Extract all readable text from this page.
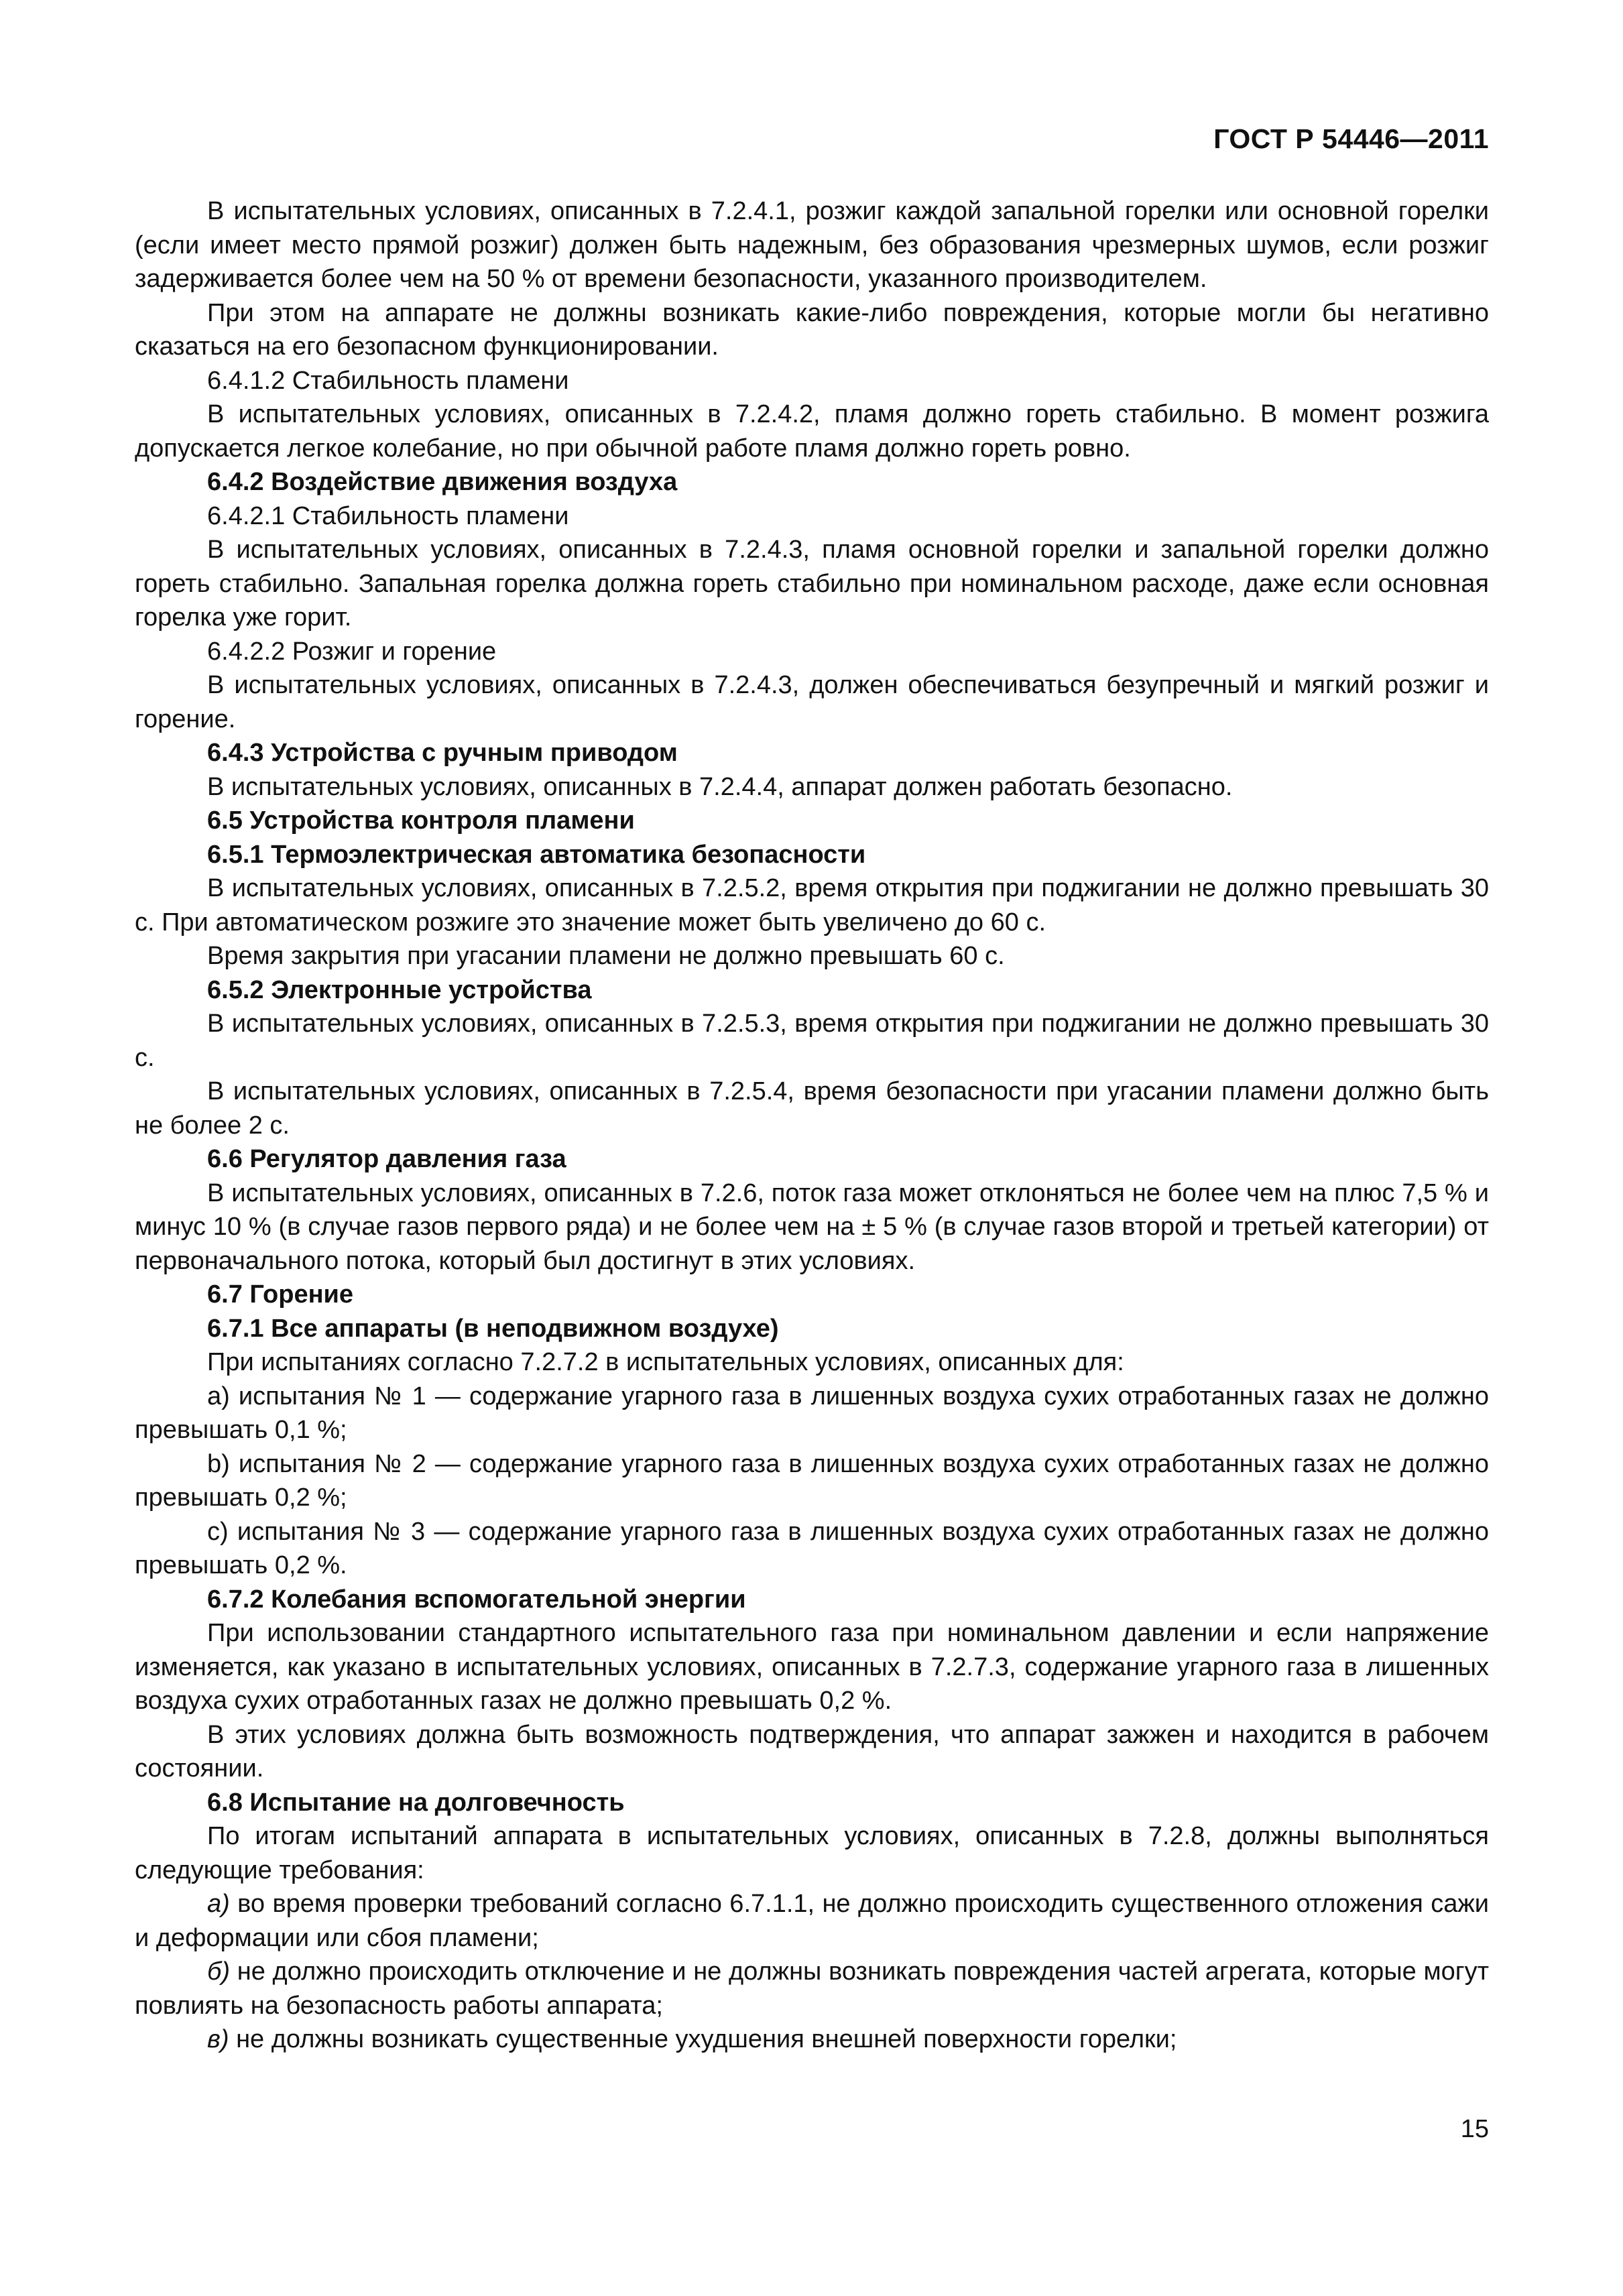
ГОСТ Р 54446—2011

В испытательных условиях, описанных в 7.2.4.1, розжиг каждой запальной горелки или основной горелки (если имеет место прямой розжиг) должен быть надежным, без образования чрезмерных шумов, если розжиг задерживается более чем на 50 % от времени безопасности, указанного производителем.

При этом на аппарате не должны возникать какие-либо повреждения, которые могли бы негативно сказаться на его безопасном функционировании.

6.4.1.2 Стабильность пламени

В испытательных условиях, описанных в 7.2.4.2, пламя должно гореть стабильно. В момент розжига допускается легкое колебание, но при обычной работе пламя должно гореть ровно.

6.4.2 Воздействие движения воздуха

6.4.2.1 Стабильность пламени

В испытательных условиях, описанных в 7.2.4.3, пламя основной горелки и запальной горелки должно гореть стабильно. Запальная горелка должна гореть стабильно при номинальном расходе, даже если основная горелка уже горит.

6.4.2.2 Розжиг и горение

В испытательных условиях, описанных в 7.2.4.3, должен обеспечиваться безупречный и мягкий розжиг и горение.

6.4.3 Устройства с ручным приводом

В испытательных условиях, описанных в 7.2.4.4, аппарат должен работать безопасно.

6.5 Устройства контроля пламени

6.5.1 Термоэлектрическая автоматика безопасности

В испытательных условиях, описанных в 7.2.5.2, время открытия при поджигании не должно превышать 30 с. При автоматическом розжиге это значение может быть увеличено до 60 с.

Время закрытия при угасании пламени не должно превышать 60 с.

6.5.2 Электронные устройства

В испытательных условиях, описанных в 7.2.5.3, время открытия при поджигании не должно превышать 30 с.

В испытательных условиях, описанных в 7.2.5.4, время безопасности при угасании пламени должно быть не более 2 с.

6.6 Регулятор давления газа

В испытательных условиях, описанных в 7.2.6, поток газа может отклоняться не более чем на плюс 7,5 % и минус 10 % (в случае газов первого ряда) и не более чем на ± 5 % (в случае газов второй и третьей категории) от первоначального потока, который был достигнут в этих условиях.

6.7 Горение

6.7.1 Все аппараты (в неподвижном воздухе)

При испытаниях согласно 7.2.7.2 в испытательных условиях, описанных для:

a) испытания № 1 — содержание угарного газа в лишенных воздуха сухих отработанных газах не должно превышать 0,1 %;

b) испытания № 2 — содержание угарного газа в лишенных воздуха сухих отработанных газах не должно превышать 0,2 %;

c) испытания № 3 — содержание угарного газа в лишенных воздуха сухих отработанных газах не должно превышать 0,2 %.

6.7.2 Колебания вспомогательной энергии

При использовании стандартного испытательного газа при номинальном давлении и если напряжение изменяется, как указано в испытательных условиях, описанных в 7.2.7.3, содержание угарного газа в лишенных воздуха сухих отработанных газах не должно превышать 0,2 %.

В этих условиях должна быть возможность подтверждения, что аппарат зажжен и находится в рабочем состоянии.

6.8 Испытание на долговечность

По итогам испытаний аппарата в испытательных условиях, описанных в 7.2.8, должны выполняться следующие требования:

а) во время проверки требований согласно 6.7.1.1, не должно происходить существенного отложения сажи и деформации или сбоя пламени;

б) не должно происходить отключение и не должны возникать повреждения частей агрегата, которые могут повлиять на безопасность работы аппарата;

в) не должны возникать существенные ухудшения внешней поверхности горелки;

15
